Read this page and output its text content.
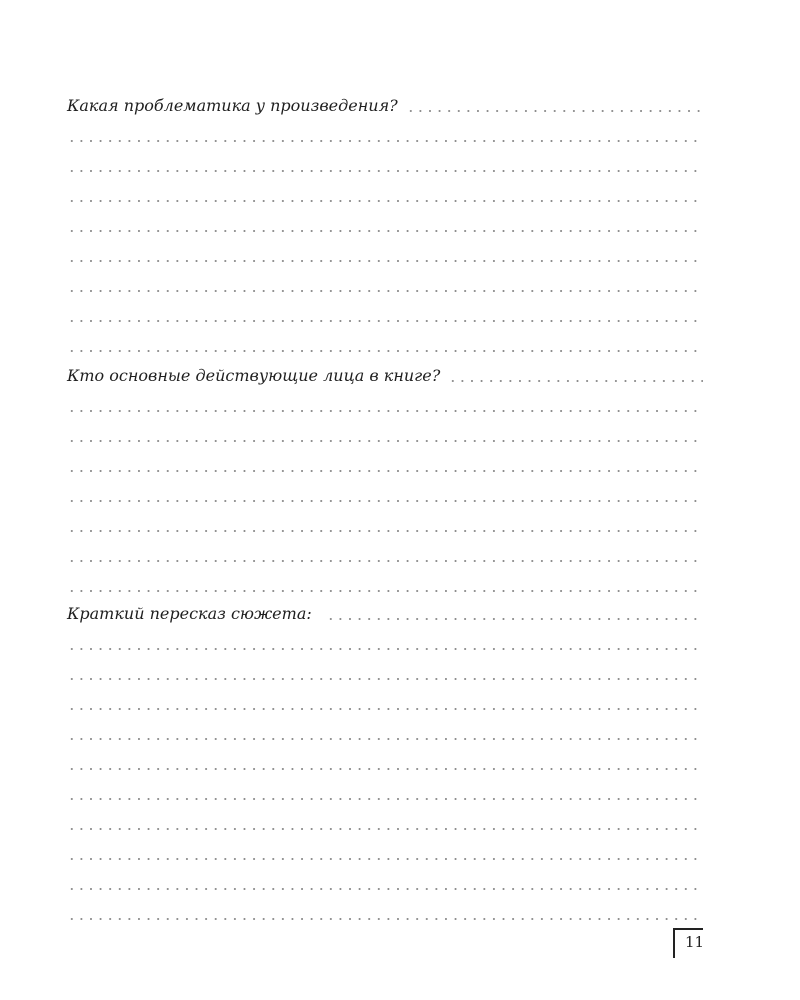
Какая проблематика у произведения?
Кто основные действующие лица в книге?
Краткий пересказ сюжета:
11
